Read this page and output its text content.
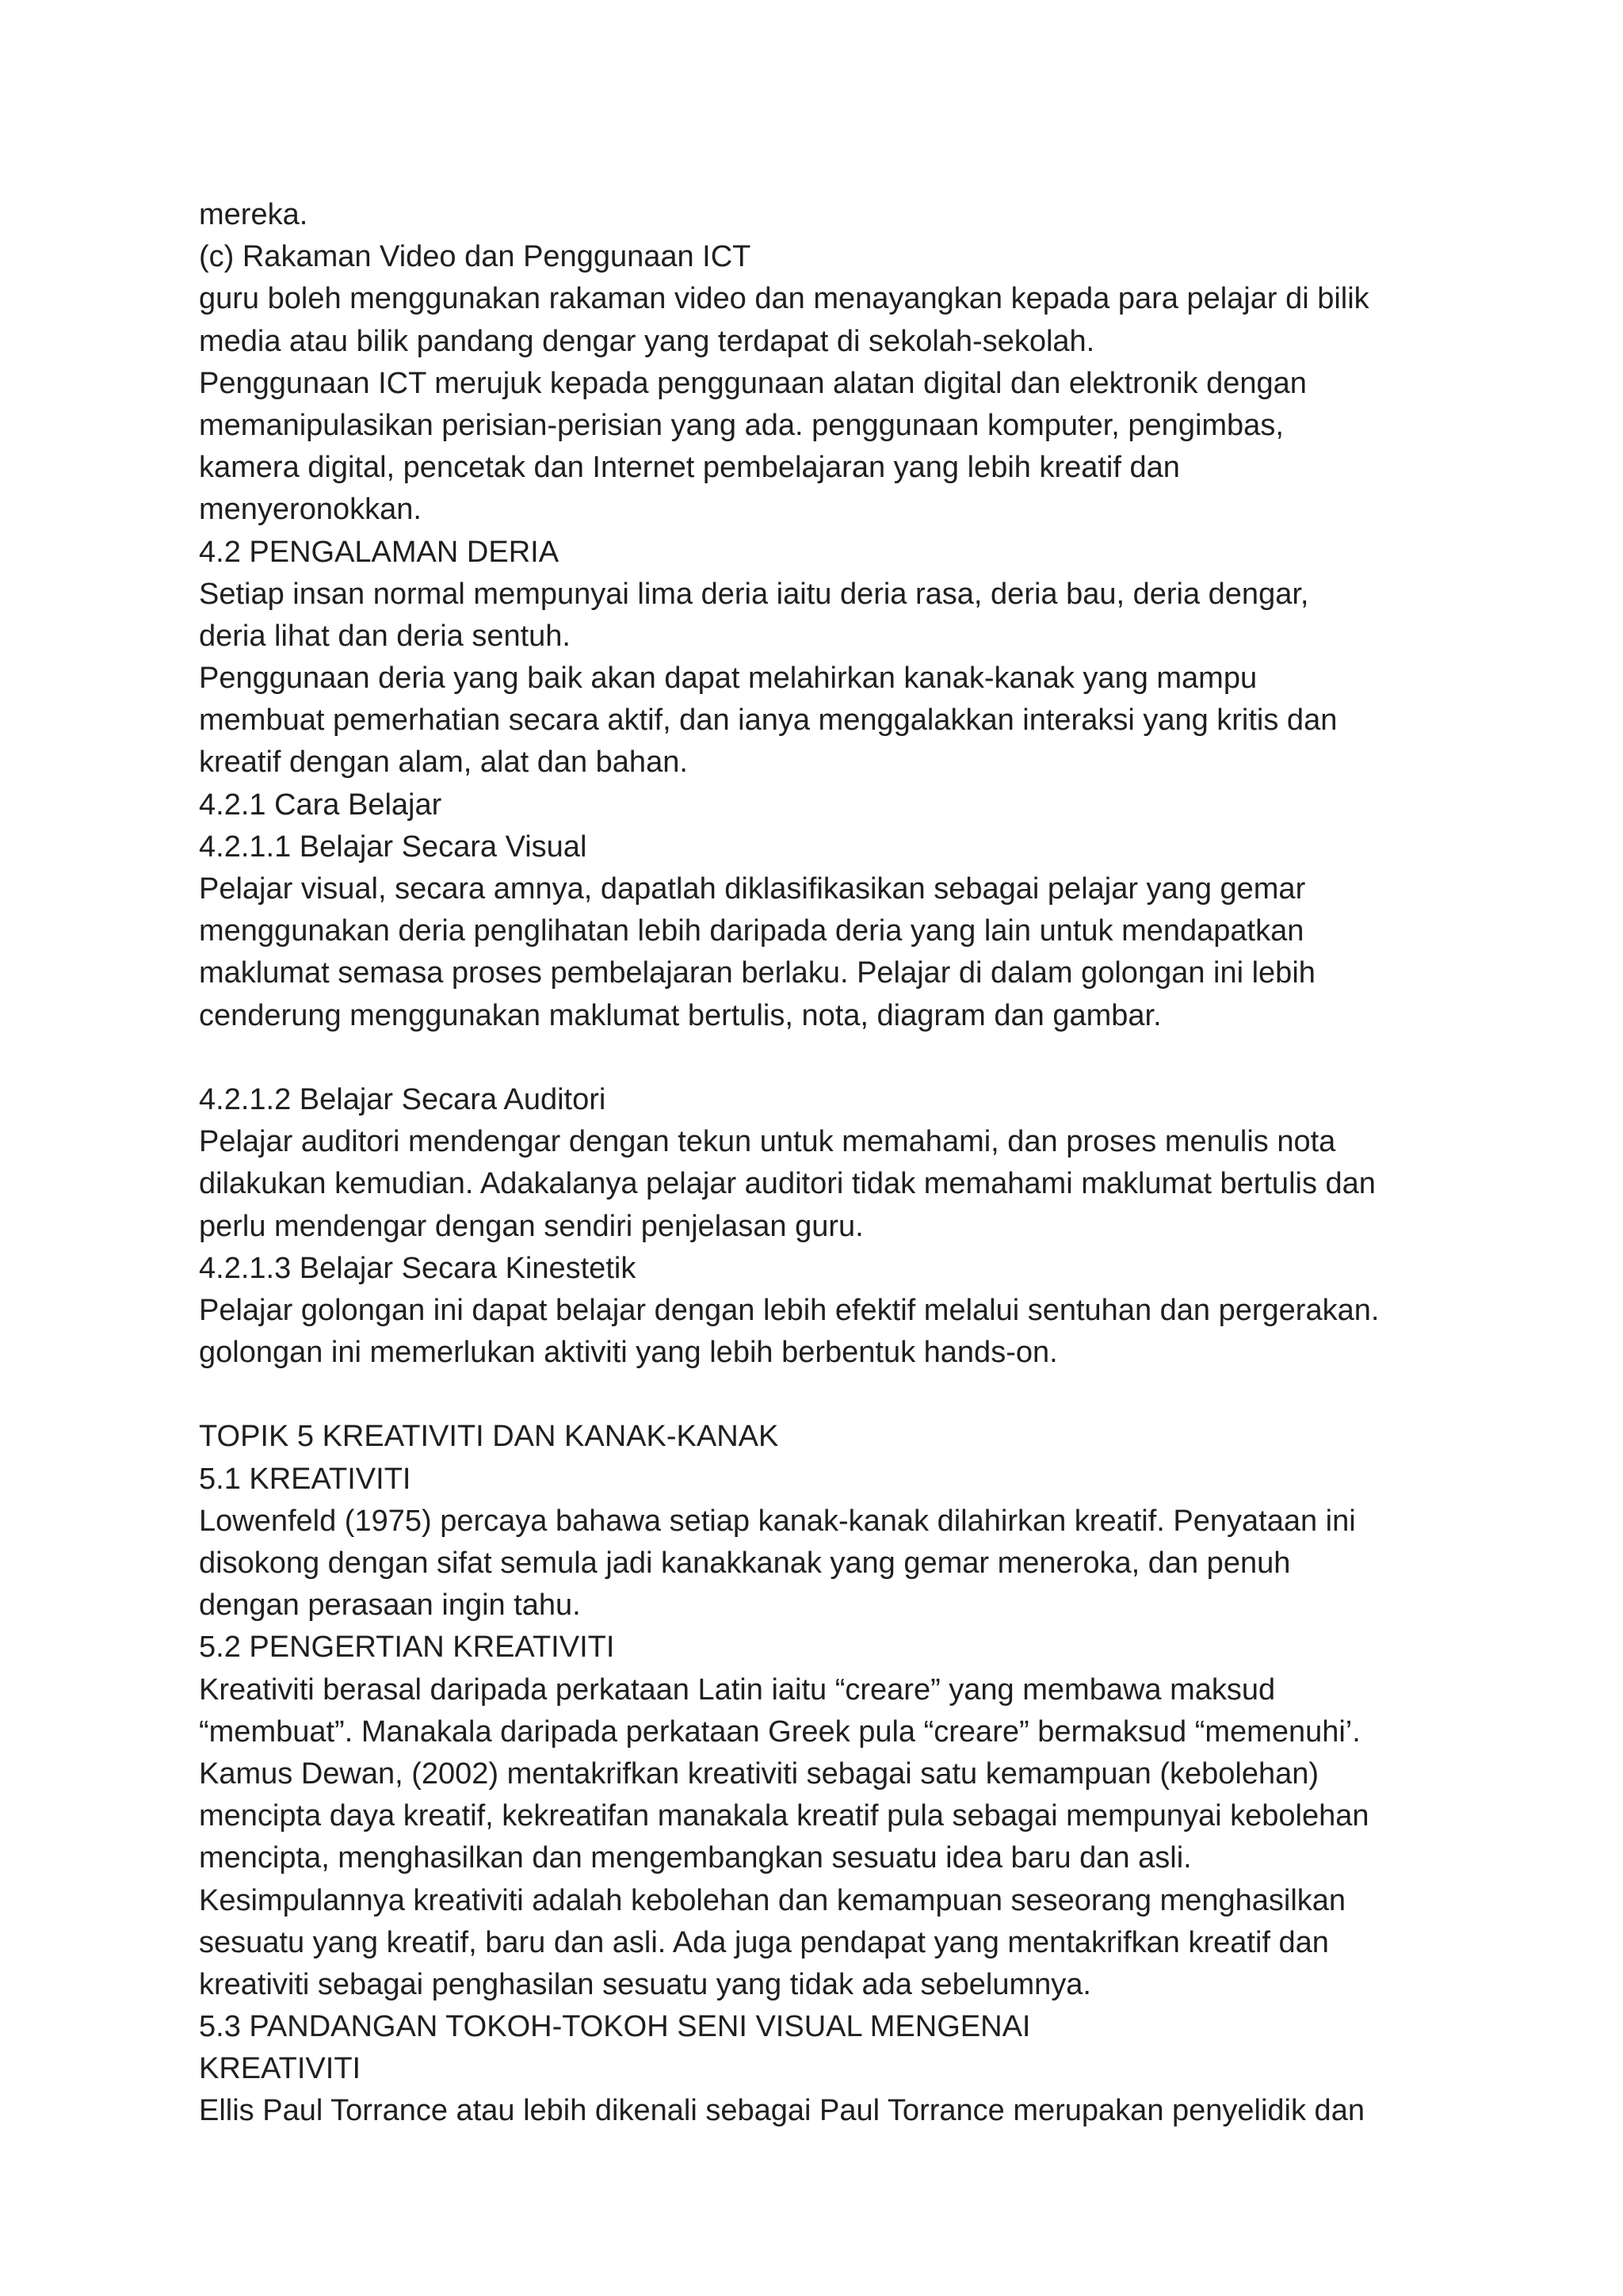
mereka.
(c) Rakaman Video dan Penggunaan ICT
guru boleh menggunakan rakaman video dan menayangkan kepada para pelajar di bilik
media atau bilik pandang dengar yang terdapat di sekolah-sekolah.
Penggunaan ICT merujuk kepada penggunaan alatan digital dan elektronik dengan
memanipulasikan perisian-perisian yang ada. penggunaan komputer, pengimbas,
kamera digital, pencetak dan Internet pembelajaran yang lebih kreatif dan
menyeronokkan.
4.2 PENGALAMAN DERIA
Setiap insan normal mempunyai lima deria iaitu deria rasa, deria bau, deria dengar,
deria lihat dan deria sentuh.
Penggunaan deria yang baik akan dapat melahirkan kanak-kanak yang mampu
membuat pemerhatian secara aktif, dan ianya menggalakkan interaksi yang kritis dan
kreatif dengan alam, alat dan bahan.
4.2.1 Cara Belajar
4.2.1.1 Belajar Secara Visual
Pelajar visual, secara amnya, dapatlah diklasifikasikan sebagai pelajar yang gemar
menggunakan deria penglihatan lebih daripada deria yang lain untuk mendapatkan
maklumat semasa proses pembelajaran berlaku. Pelajar di dalam golongan ini lebih
cenderung menggunakan maklumat bertulis, nota, diagram dan gambar.
4.2.1.2 Belajar Secara Auditori
Pelajar auditori mendengar dengan tekun untuk memahami, dan proses menulis nota
dilakukan kemudian. Adakalanya pelajar auditori tidak memahami maklumat bertulis dan
perlu mendengar dengan sendiri penjelasan guru.
4.2.1.3 Belajar Secara Kinestetik
Pelajar golongan ini dapat belajar dengan lebih efektif melalui sentuhan dan pergerakan.
golongan ini memerlukan aktiviti yang lebih berbentuk hands-on.
TOPIK 5 KREATIVITI DAN KANAK-KANAK
5.1 KREATIVITI
Lowenfeld (1975) percaya bahawa setiap kanak-kanak dilahirkan kreatif. Penyataan ini
disokong dengan sifat semula jadi kanakkanak yang gemar meneroka, dan penuh
dengan perasaan ingin tahu.
5.2 PENGERTIAN KREATIVITI
Kreativiti berasal daripada perkataan Latin iaitu “creare” yang membawa maksud
“membuat”. Manakala daripada perkataan Greek pula “creare” bermaksud “memenuhi’.
Kamus Dewan, (2002) mentakrifkan kreativiti sebagai satu kemampuan (kebolehan)
mencipta daya kreatif, kekreatifan manakala kreatif pula sebagai mempunyai kebolehan
mencipta, menghasilkan dan mengembangkan sesuatu idea baru dan asli.
Kesimpulannya kreativiti adalah kebolehan dan kemampuan seseorang menghasilkan
sesuatu yang kreatif, baru dan asli. Ada juga pendapat yang mentakrifkan kreatif dan
kreativiti sebagai penghasilan sesuatu yang tidak ada sebelumnya.
5.3 PANDANGAN TOKOH-TOKOH SENI VISUAL MENGENAI
KREATIVITI
Ellis Paul Torrance atau lebih dikenali sebagai Paul Torrance merupakan penyelidik dan
